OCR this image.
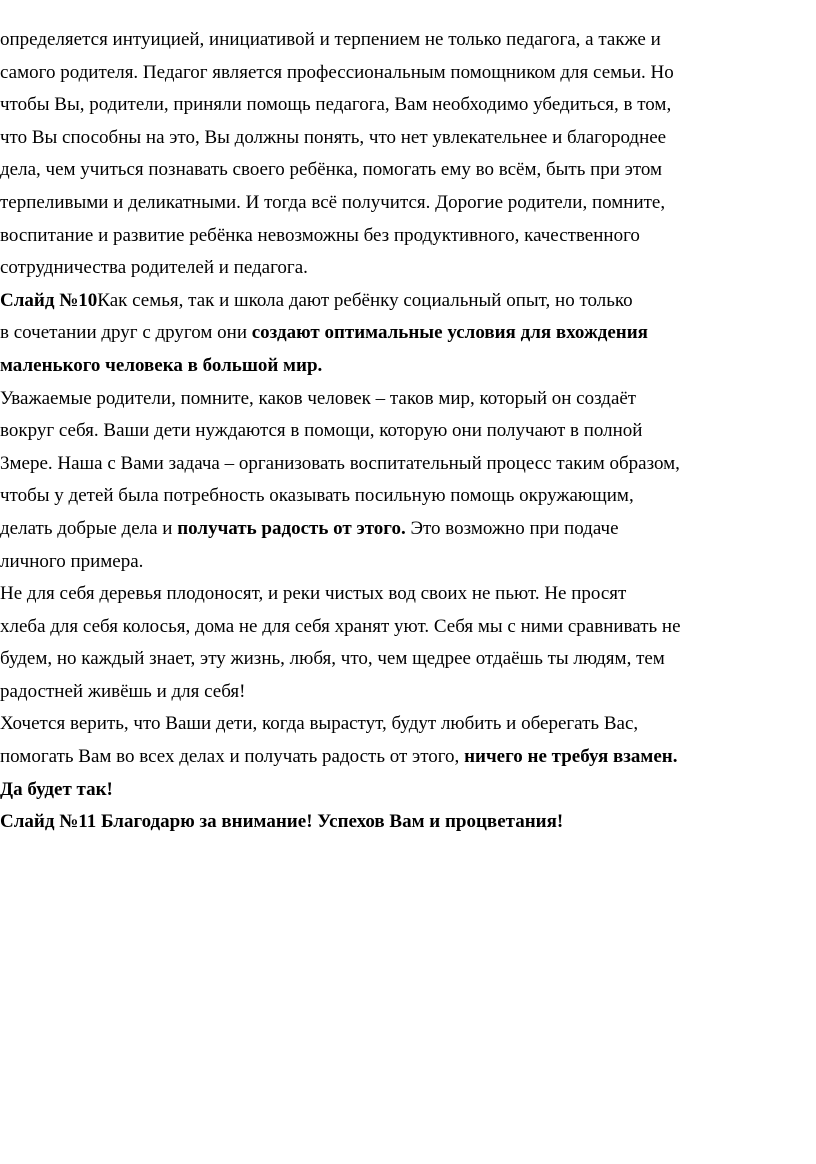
определяется интуицией, инициативой и терпением не только педагога, а также и
самого родителя. Педагог является профессиональным помощником для семьи. Но
чтобы Вы, родители, приняли помощь педагога, Вам необходимо убедиться, в том,
что Вы способны на это, Вы должны понять, что нет увлекательнее и благороднее
дела, чем учиться познавать своего ребёнка, помогать ему во всём, быть при этом
терпеливыми и деликатными. И тогда всё получится. Дорогие родители, помните,
воспитание и развитие ребёнка невозможны без продуктивного, качественного
сотрудничества родителей и педагога.
Слайд №10Как семья, так и школа дают ребёнку социальный опыт, но только
в сочетании друг с другом они создают оптимальные условия для вхождения
маленького человека в большой мир.
Уважаемые родители, помните, каков человек – таков мир, который он создаёт
вокруг себя. Ваши дети нуждаются в помощи, которую они получают в полной
3мере. Наша с Вами задача – организовать воспитательный процесс таким образом,
чтобы у детей была потребность оказывать посильную помощь окружающим,
делать добрые дела и получать радость от этого. Это возможно при подаче
личного примера.
Не для себя деревья плодоносят, и реки чистых вод своих не пьют. Не просят
хлеба для себя колосья, дома не для себя хранят уют. Себя мы с ними сравнивать не
будем, но каждый знает, эту жизнь, любя, что, чем щедрее отдаёшь ты людям, тем
радостней живёшь и для себя!
Хочется верить, что Ваши дети, когда вырастут, будут любить и оберегать Вас,
помогать Вам во всех делах и получать радость от этого, ничего не требуя взамен.
Да будет так!
Слайд №11 Благодарю за внимание! Успехов Вам и процветания!
